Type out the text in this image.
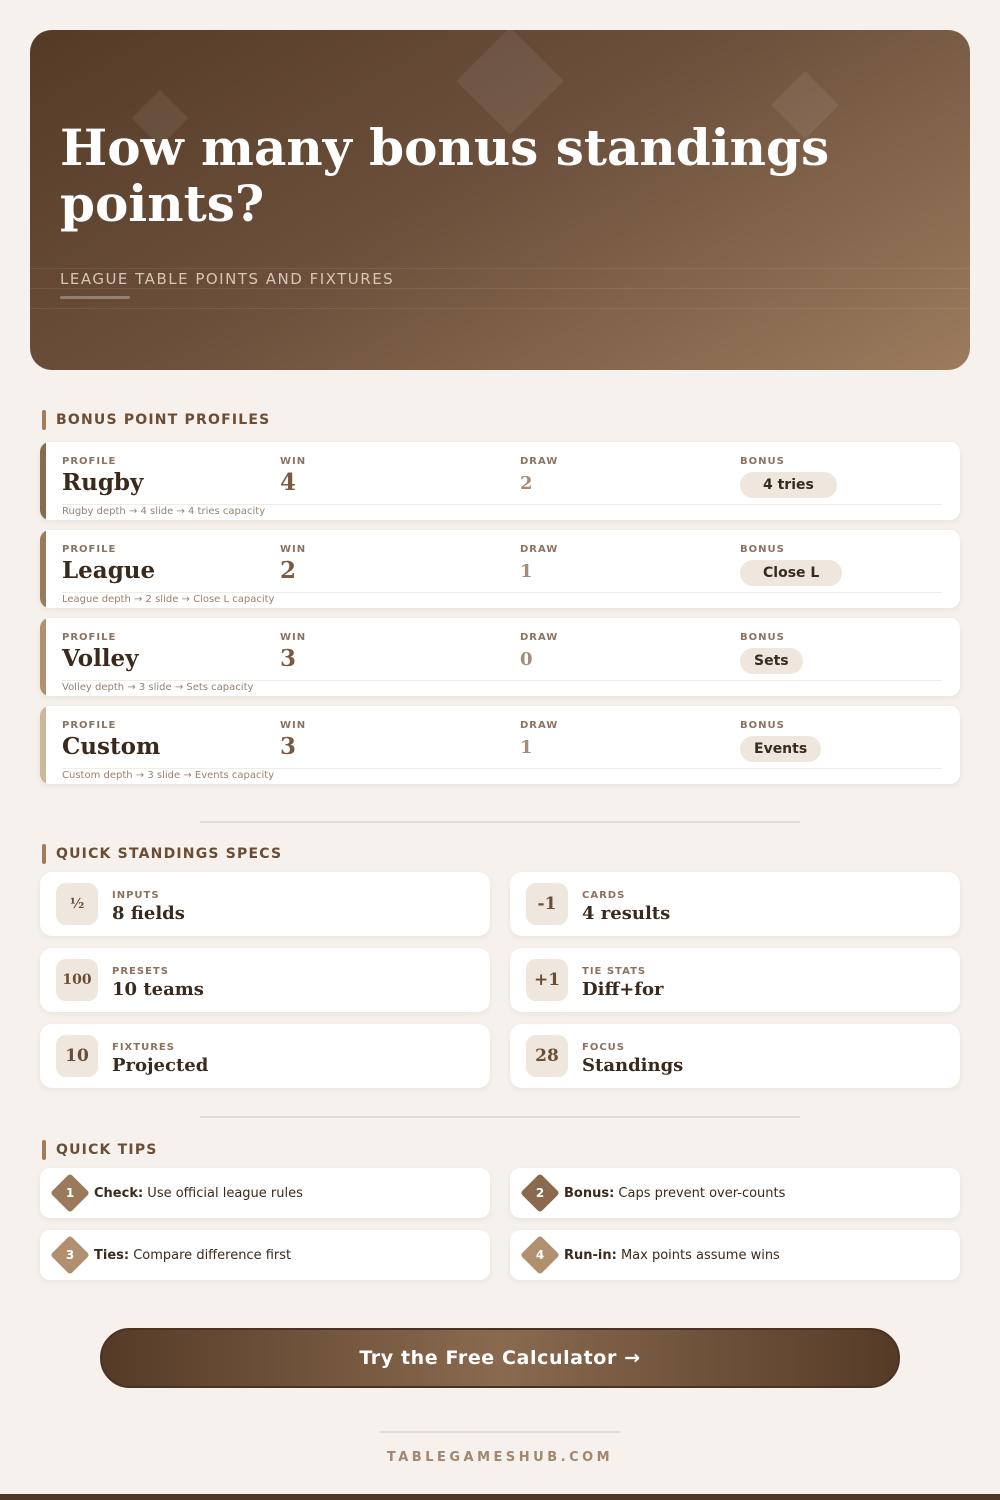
How many bonus standings points?
LEAGUE TABLE POINTS AND FIXTURES
BONUS POINT PROFILES
PROFILE
Rugby
WIN
4
DRAW
2
BONUS
4 tries
Rugby depth → 4 slide → 4 tries capacity
PROFILE
League
WIN
2
DRAW
1
BONUS
Close L
League depth → 2 slide → Close L capacity
PROFILE
Volley
WIN
3
DRAW
0
BONUS
Sets
Volley depth → 3 slide → Sets capacity
PROFILE
Custom
WIN
3
DRAW
1
BONUS
Events
Custom depth → 3 slide → Events capacity
QUICK STANDINGS SPECS
½
INPUTS
8 fields	-1	CARDS
4 results
100
PRESETS
10 teams	+1	TIE STATS
Diff+for
10	FIXTURES
Projected	28	FOCUS
Standings
QUICK TIPS
1	Check: Use official league rules	2	Bonus: Caps prevent over-counts
3	Ties: Compare difference first	4	Run-in: Max points assume wins
Try the Free Calculator →
TABLEGAMESHUB.COM
